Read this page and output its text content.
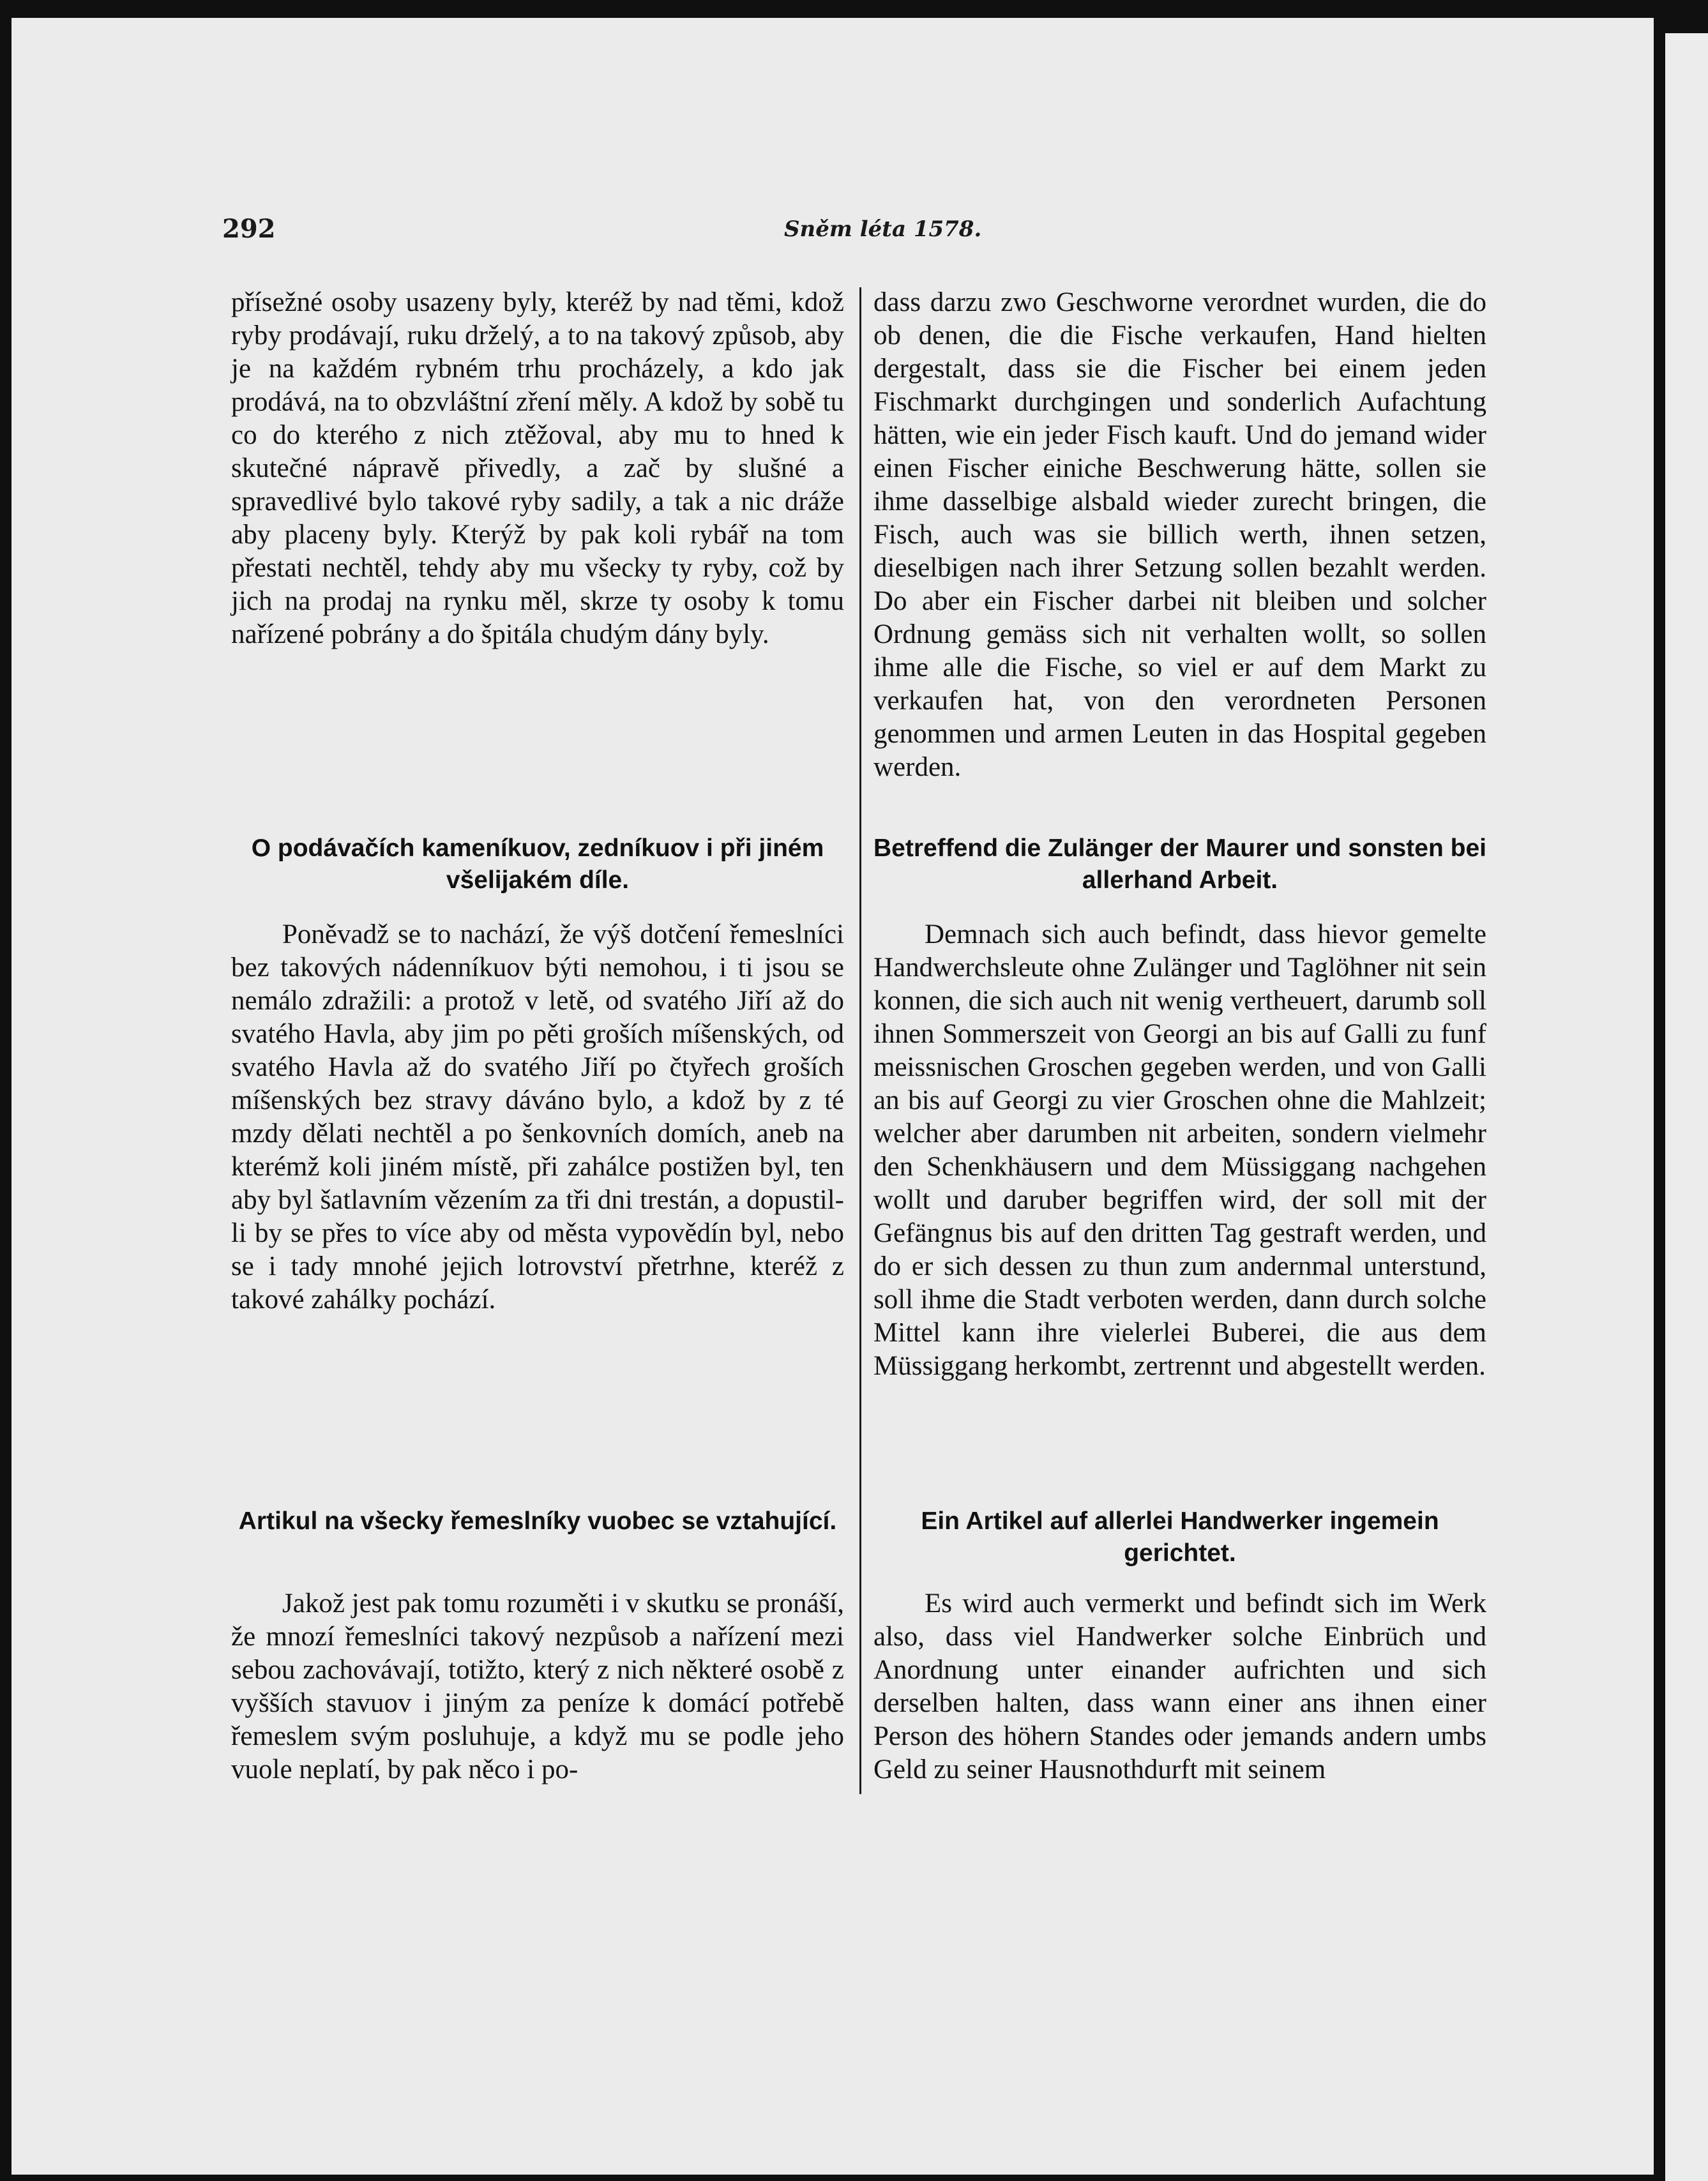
292	Sněm léta 1578.

přísežné osoby usazeny byly, kteréž by nad těmi, kdož ryby prodávají, ruku drželý, a to na takový způsob, aby je na každém rybném trhu procházely, a kdo jak prodává, na to obzvláštní zření měly. A kdož by sobě tu co do kterého z nich ztěžoval, aby mu to hned k skutečné nápravě přivedly, a zač by slušné a spravedlivé bylo takové ryby sadily, a tak a nic dráže aby placeny byly. Kterýž by pak koli rybář na tom přestati nechtěl, tehdy aby mu všecky ty ryby, což by jich na prodaj na rynku měl, skrze ty osoby k tomu nařízené pobrány a do špitála chudým dány byly.

dass darzu zwo Geschworne verordnet wurden, die do ob denen, die die Fische verkaufen, Hand hielten dergestalt, dass sie die Fischer bei einem jeden Fischmarkt durchgingen und sonderlich Aufachtung hätten, wie ein jeder Fisch kauft. Und do jemand wider einen Fischer einiche Beschwerung hätte, sollen sie ihme dasselbige alsbald wieder zurecht bringen, die Fisch, auch was sie billich werth, ihnen setzen, dieselbigen nach ihrer Setzung sollen bezahlt werden. Do aber ein Fischer darbei nit bleiben und solcher Ordnung gemäss sich nit verhalten wollt, so sollen ihme alle die Fische, so viel er auf dem Markt zu verkaufen hat, von den verordneten Personen genommen und armen Leuten in das Hospital gegeben werden.

O podávačích kameníkuov, zedníkuov i při jiném všelijakém díle.
Betreffend die Zulänger der Maurer und sonsten bei allerhand Arbeit.

Poněvadž se to nachází, že výš dotčení řemeslníci bez takových nádenníkuov býti nemohou, i ti jsou se nemálo zdražili: a protož v letě, od svatého Jiří až do svatého Havla, aby jim po pěti groších míšenských, od svatého Havla až do svatého Jiří po čtyřech groších míšenských bez stravy dáváno bylo, a kdož by z té mzdy dělati nechtěl a po šenkovních domích, aneb na kterémž koli jiném místě, při zahálce postižen byl, ten aby byl šatlavním vězením za tři dni trestán, a dopustil-li by se přes to více aby od města vypovědín byl, nebo se i tady mnohé jejich lotrovství přetrhne, kteréž z takové zahálky pochází.

Demnach sich auch befindt, dass hievor gemelte Handwerchsleute ohne Zulänger und Taglöhner nit sein konnen, die sich auch nit wenig vertheuert, darumb soll ihnen Sommerszeit von Georgi an bis auf Galli zu funf meissnischen Groschen gegeben werden, und von Galli an bis auf Georgi zu vier Groschen ohne die Mahlzeit; welcher aber darumben nit arbeiten, sondern vielmehr den Schenkhäusern und dem Müssiggang nachgehen wollt und daruber begriffen wird, der soll mit der Gefängnus bis auf den dritten Tag gestraft werden, und do er sich dessen zu thun zum andernmal unterstund, soll ihme die Stadt verboten werden, dann durch solche Mittel kann ihre vielerlei Buberei, die aus dem Müssiggang herkombt, zertrennt und abgestellt werden.

Artikul na všecky řemeslníky vuobec se vztahující.	Ein Artikel auf allerlei Handwerker ingemein gerichtet.

Jakož jest pak tomu rozuměti i v skutku se pronáší, že mnozí řemeslníci takový nezpůsob a nařízení mezi sebou zachovávají, totižto, který z nich některé osobě z vyšších stavuov i jiným za peníze k domácí potřebě řemeslem svým posluhuje, a když mu se podle jeho vuole neplatí, by pak něco i po-

Es wird auch vermerkt und befindt sich im Werk also, dass viel Handwerker solche Einbrüch und Anordnung unter einander aufrichten und sich derselben halten, dass wann einer ans ihnen einer Person des höhern Standes oder jemands andern umbs Geld zu seiner Hausnothdurft mit seinem
